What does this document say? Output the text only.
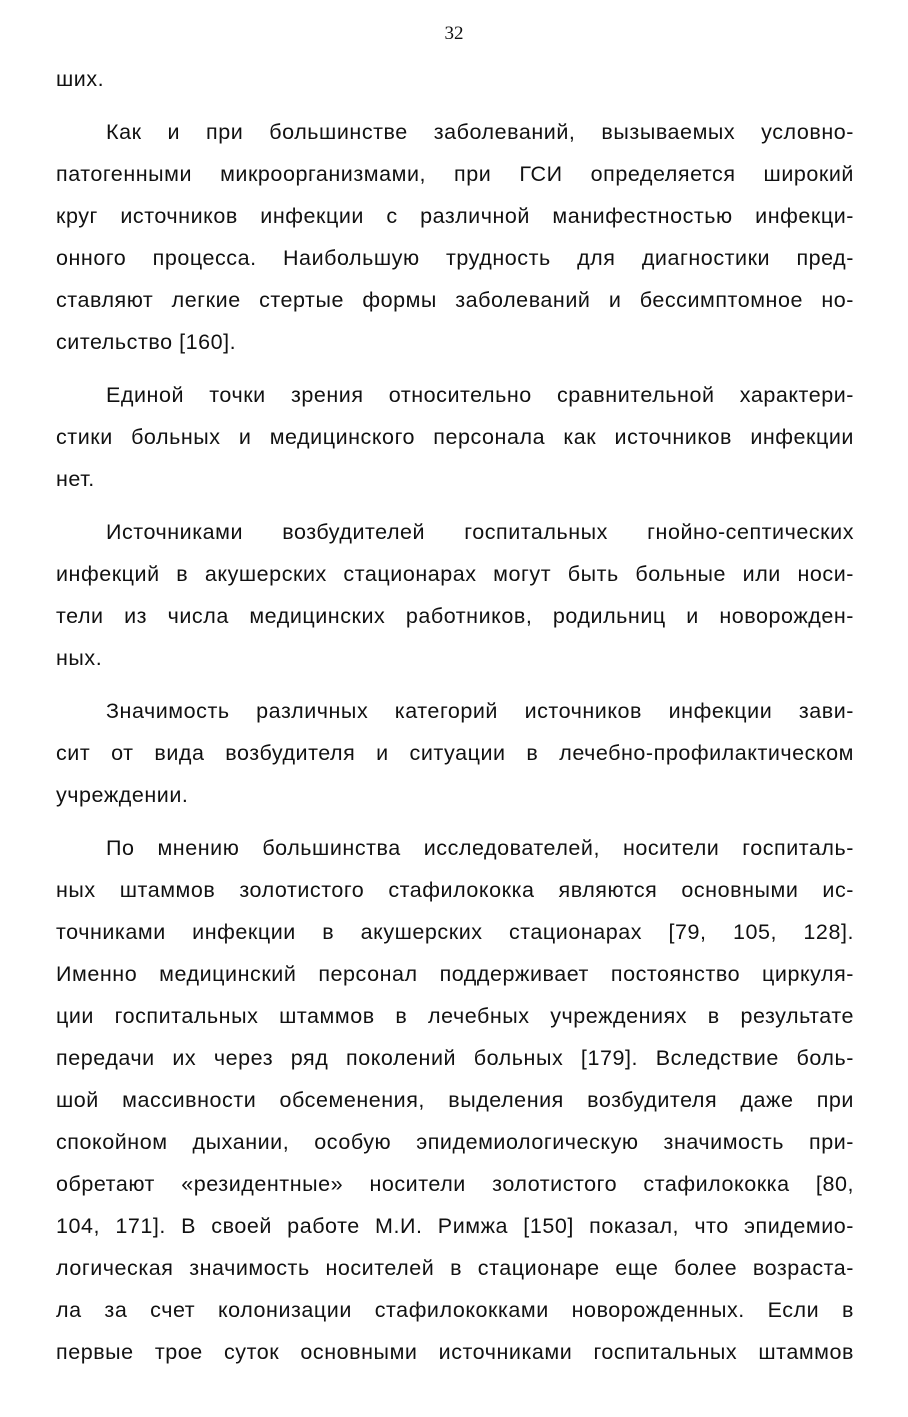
32
ших.
Как и при большинстве заболеваний, вызываемых условно-
патогенными микроорганизмами, при ГСИ определяется широкий
круг источников инфекции с различной манифестностью инфекци-
онного процесса. Наибольшую трудность для диагностики пред-
ставляют легкие стертые формы заболеваний и бессимптомное но-
сительство [160].
Единой точки зрения относительно сравнительной характери-
стики больных и медицинского персонала как источников инфекции
нет.
Источниками возбудителей госпитальных гнойно-септических
инфекций в акушерских стационарах могут быть больные или носи-
тели из числа медицинских работников, родильниц и новорожден-
ных.
Значимость различных категорий источников инфекции зави-
сит от вида возбудителя и ситуации в лечебно-профилактическом
учреждении.
По мнению большинства исследователей, носители госпиталь-
ных штаммов золотистого стафилококка являются основными ис-
точниками инфекции в акушерских стационарах [79, 105, 128].
Именно медицинский персонал поддерживает постоянство циркуля-
ции госпитальных штаммов в лечебных учреждениях в результате
передачи их через ряд поколений больных [179]. Вследствие боль-
шой массивности обсеменения, выделения возбудителя даже при
спокойном дыхании, особую эпидемиологическую значимость при-
обретают «резидентные» носители золотистого стафилококка [80,
104, 171]. В своей работе М.И. Римжа [150] показал, что эпидемио-
логическая значимость носителей в стационаре еще более возраста-
ла за счет колонизации стафилококками новорожденных. Если в
первые трое суток основными источниками госпитальных штаммов
